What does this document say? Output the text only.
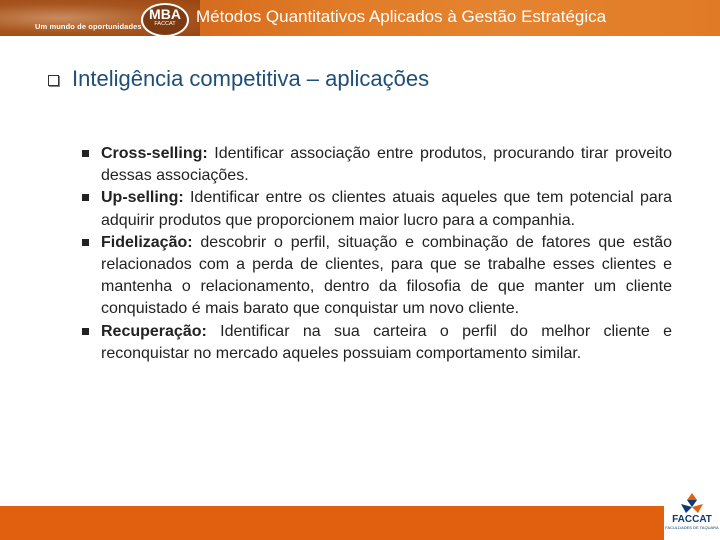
Um mundo de oportunidades
MBA
FACCAT	Métodos Quantitativos Aplicados à Gestão Estratégica
Inteligência competitiva – aplicações
Cross-selling: Identificar associação entre produtos, procurando tirar proveito dessas associações.
Up-selling: Identificar entre os clientes atuais aqueles que tem potencial para adquirir produtos que proporcionem maior lucro para a companhia.
Fidelização: descobrir o perfil, situação e combinação de fatores que estão relacionados com a perda de clientes, para que se trabalhe esses clientes e mantenha o relacionamento, dentro da filosofia de que manter um cliente conquistado é mais barato que conquistar um novo cliente.
Recuperação: Identificar na sua carteira o perfil do melhor cliente e reconquistar no mercado aqueles possuiam comportamento similar.
FACCAT
FACULDADES DE TAQUARA
